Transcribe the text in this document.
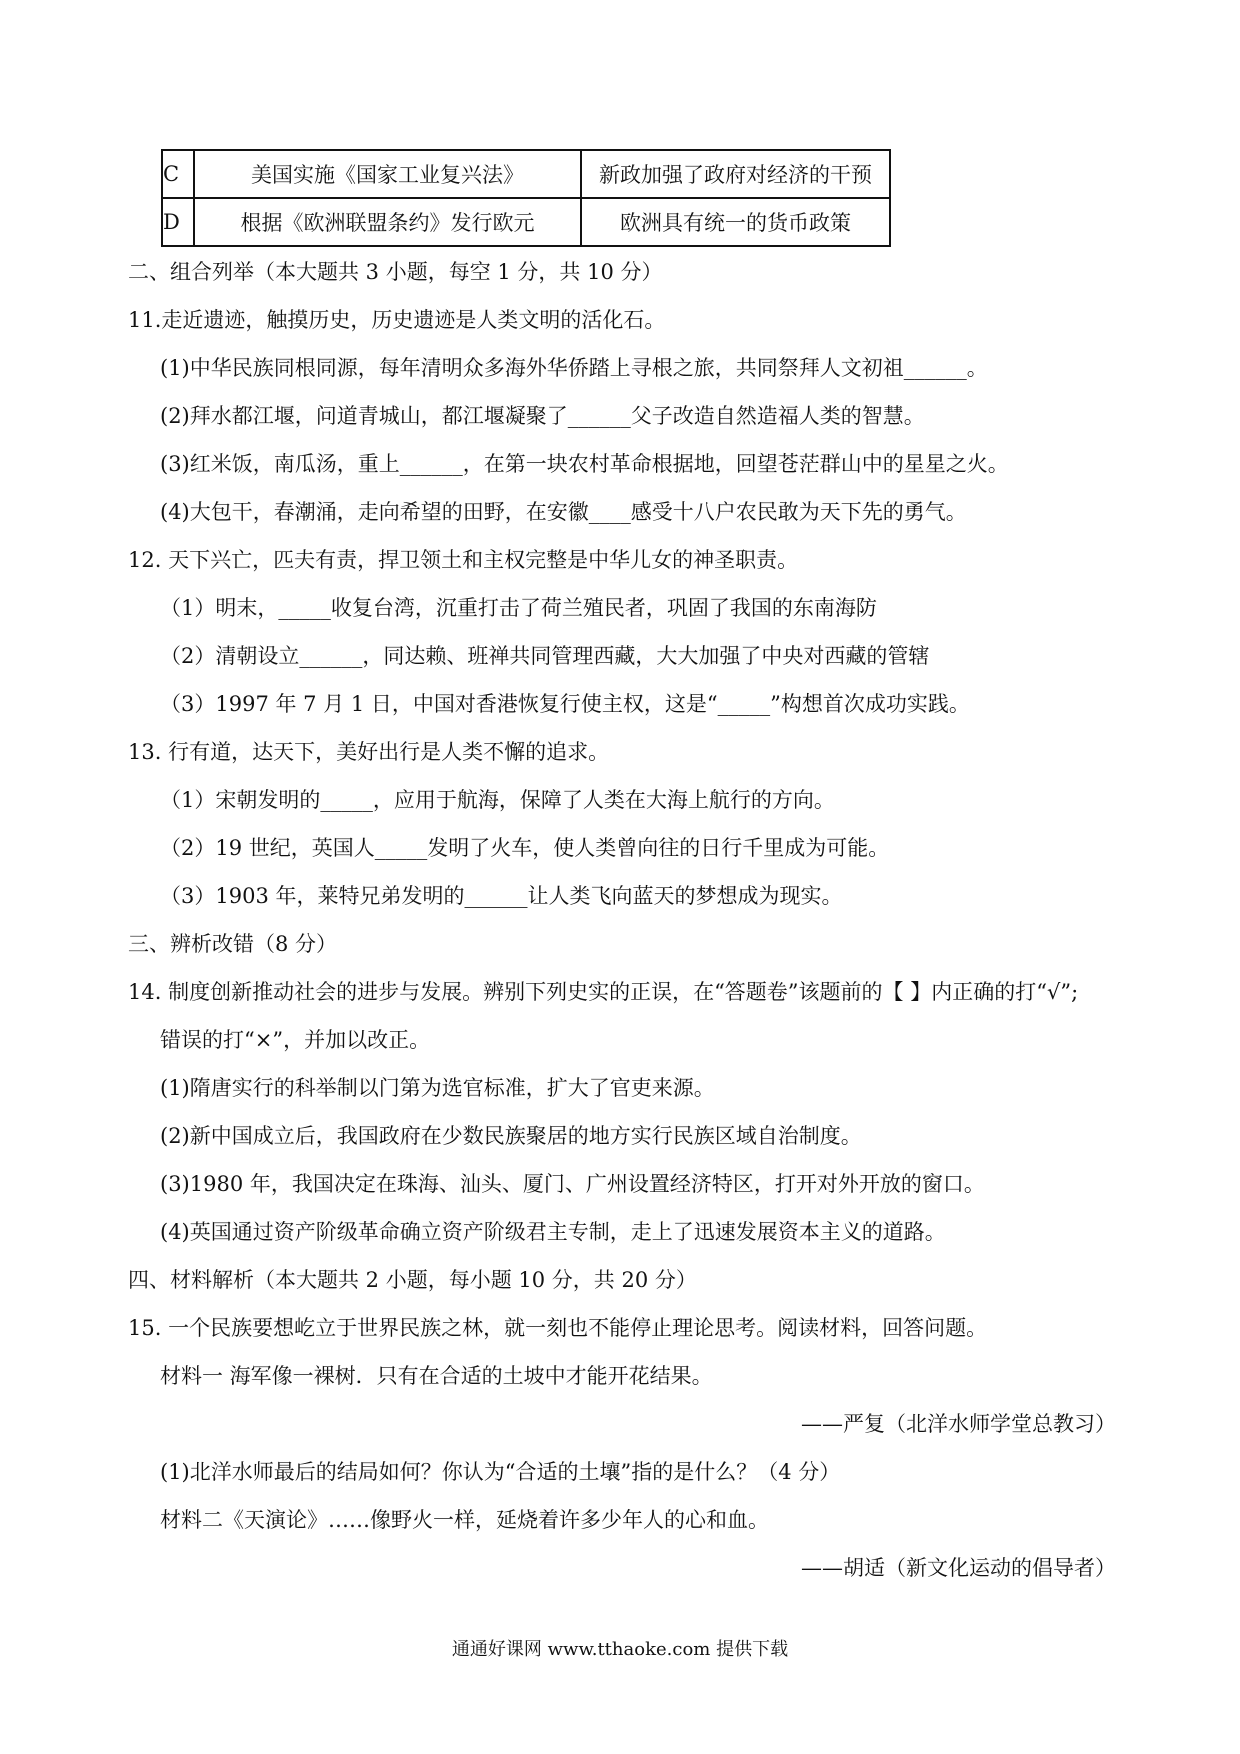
C	美国实施《国家工业复兴法》	新政加强了政府对经济的干预
D	根据《欧洲联盟条约》发行欧元	欧洲具有统一的货币政策
二、组合列举（本大题共 3 小题，每空 1 分，共 10 分）
11.走近遗迹，触摸历史，历史遗迹是人类文明的活化石。
(1)中华民族同根同源，每年清明众多海外华侨踏上寻根之旅，共同祭拜人文初祖______。
(2)拜水都江堰，问道青城山，都江堰凝聚了______父子改造自然造福人类的智慧。
(3)红米饭，南瓜汤，重上______，在第一块农村革命根据地，回望苍茫群山中的星星之火。
(4)大包干，春潮涌，走向希望的田野，在安徽____感受十八户农民敢为天下先的勇气。
12. 天下兴亡，匹夫有责，捍卫领土和主权完整是中华儿女的神圣职责。
（1）明末，_____收复台湾，沉重打击了荷兰殖民者，巩固了我国的东南海防
（2）清朝设立______，同达赖、班禅共同管理西藏，大大加强了中央对西藏的管辖
（3）1997 年 7 月 1 日，中国对香港恢复行使主权，这是“_____”构想首次成功实践。
13. 行有道，达天下，美好出行是人类不懈的追求。
（1）宋朝发明的_____，应用于航海，保障了人类在大海上航行的方向。
（2）19 世纪，英国人_____发明了火车，使人类曾向往的日行千里成为可能。
（3）1903 年，莱特兄弟发明的______让人类飞向蓝天的梦想成为现实。
三、辨析改错（8 分）
14. 制度创新推动社会的进步与发展。辨别下列史实的正误，在“答题卷”该题前的【 】内正确的打“√”;
错误的打“×”，并加以改正。
(1)隋唐实行的科举制以门第为选官标准，扩大了官吏来源。
(2)新中国成立后，我国政府在少数民族聚居的地方实行民族区域自治制度。
(3)1980 年，我国决定在珠海、汕头、厦门、广州设置经济特区，打开对外开放的窗口。
(4)英国通过资产阶级革命确立资产阶级君主专制，走上了迅速发展资本主义的道路。
四、材料解析（本大题共 2 小题，每小题 10 分，共 20 分）
15. 一个民族要想屹立于世界民族之林，就一刻也不能停止理论思考。阅读材料，回答问题。
材料一 海军像一裸树．只有在合适的土坡中才能开花结果。
——严复（北洋水师学堂总教习）
(1)北洋水师最后的结局如何？你认为“合适的土壤”指的是什么？（4 分）
材料二《天演论》……像野火一样，延烧着许多少年人的心和血。
——胡适（新文化运动的倡导者）
通通好课网 www.tthaoke.com 提供下载
